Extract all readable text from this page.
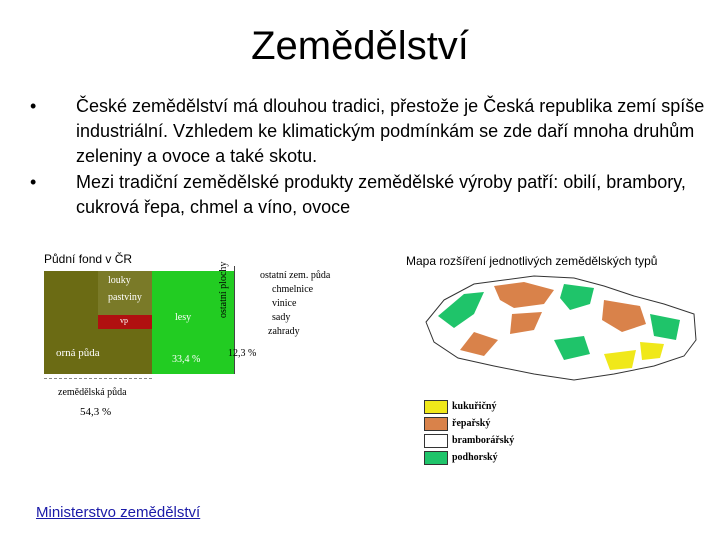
Zemědělství
• České zemědělství má dlouhou tradici, přestože je Česká republika zemí spíše industriální. Vzhledem ke klimatickým podmínkám se zde daří mnoha druhům zeleniny a ovoce a také skotu.
• Mezi tradiční zemědělské produkty zemědělské výroby patří: obilí, brambory, cukrová řepa, chmel a víno, ovoce
Půdní fond v ČR
louky
pastviny
vp
orná půda
lesy
33,4 %
ostatní plochy
12,3 %
ostatní zem. půda
chmelnice
vinice
sady
zahrady
zemědělská půda
54,3 %
Mapa rozšíření jednotlivých zemědělských typů
kukuřičný
řepařský
bramborářský
podhorský
Ministerstvo zemědělství
